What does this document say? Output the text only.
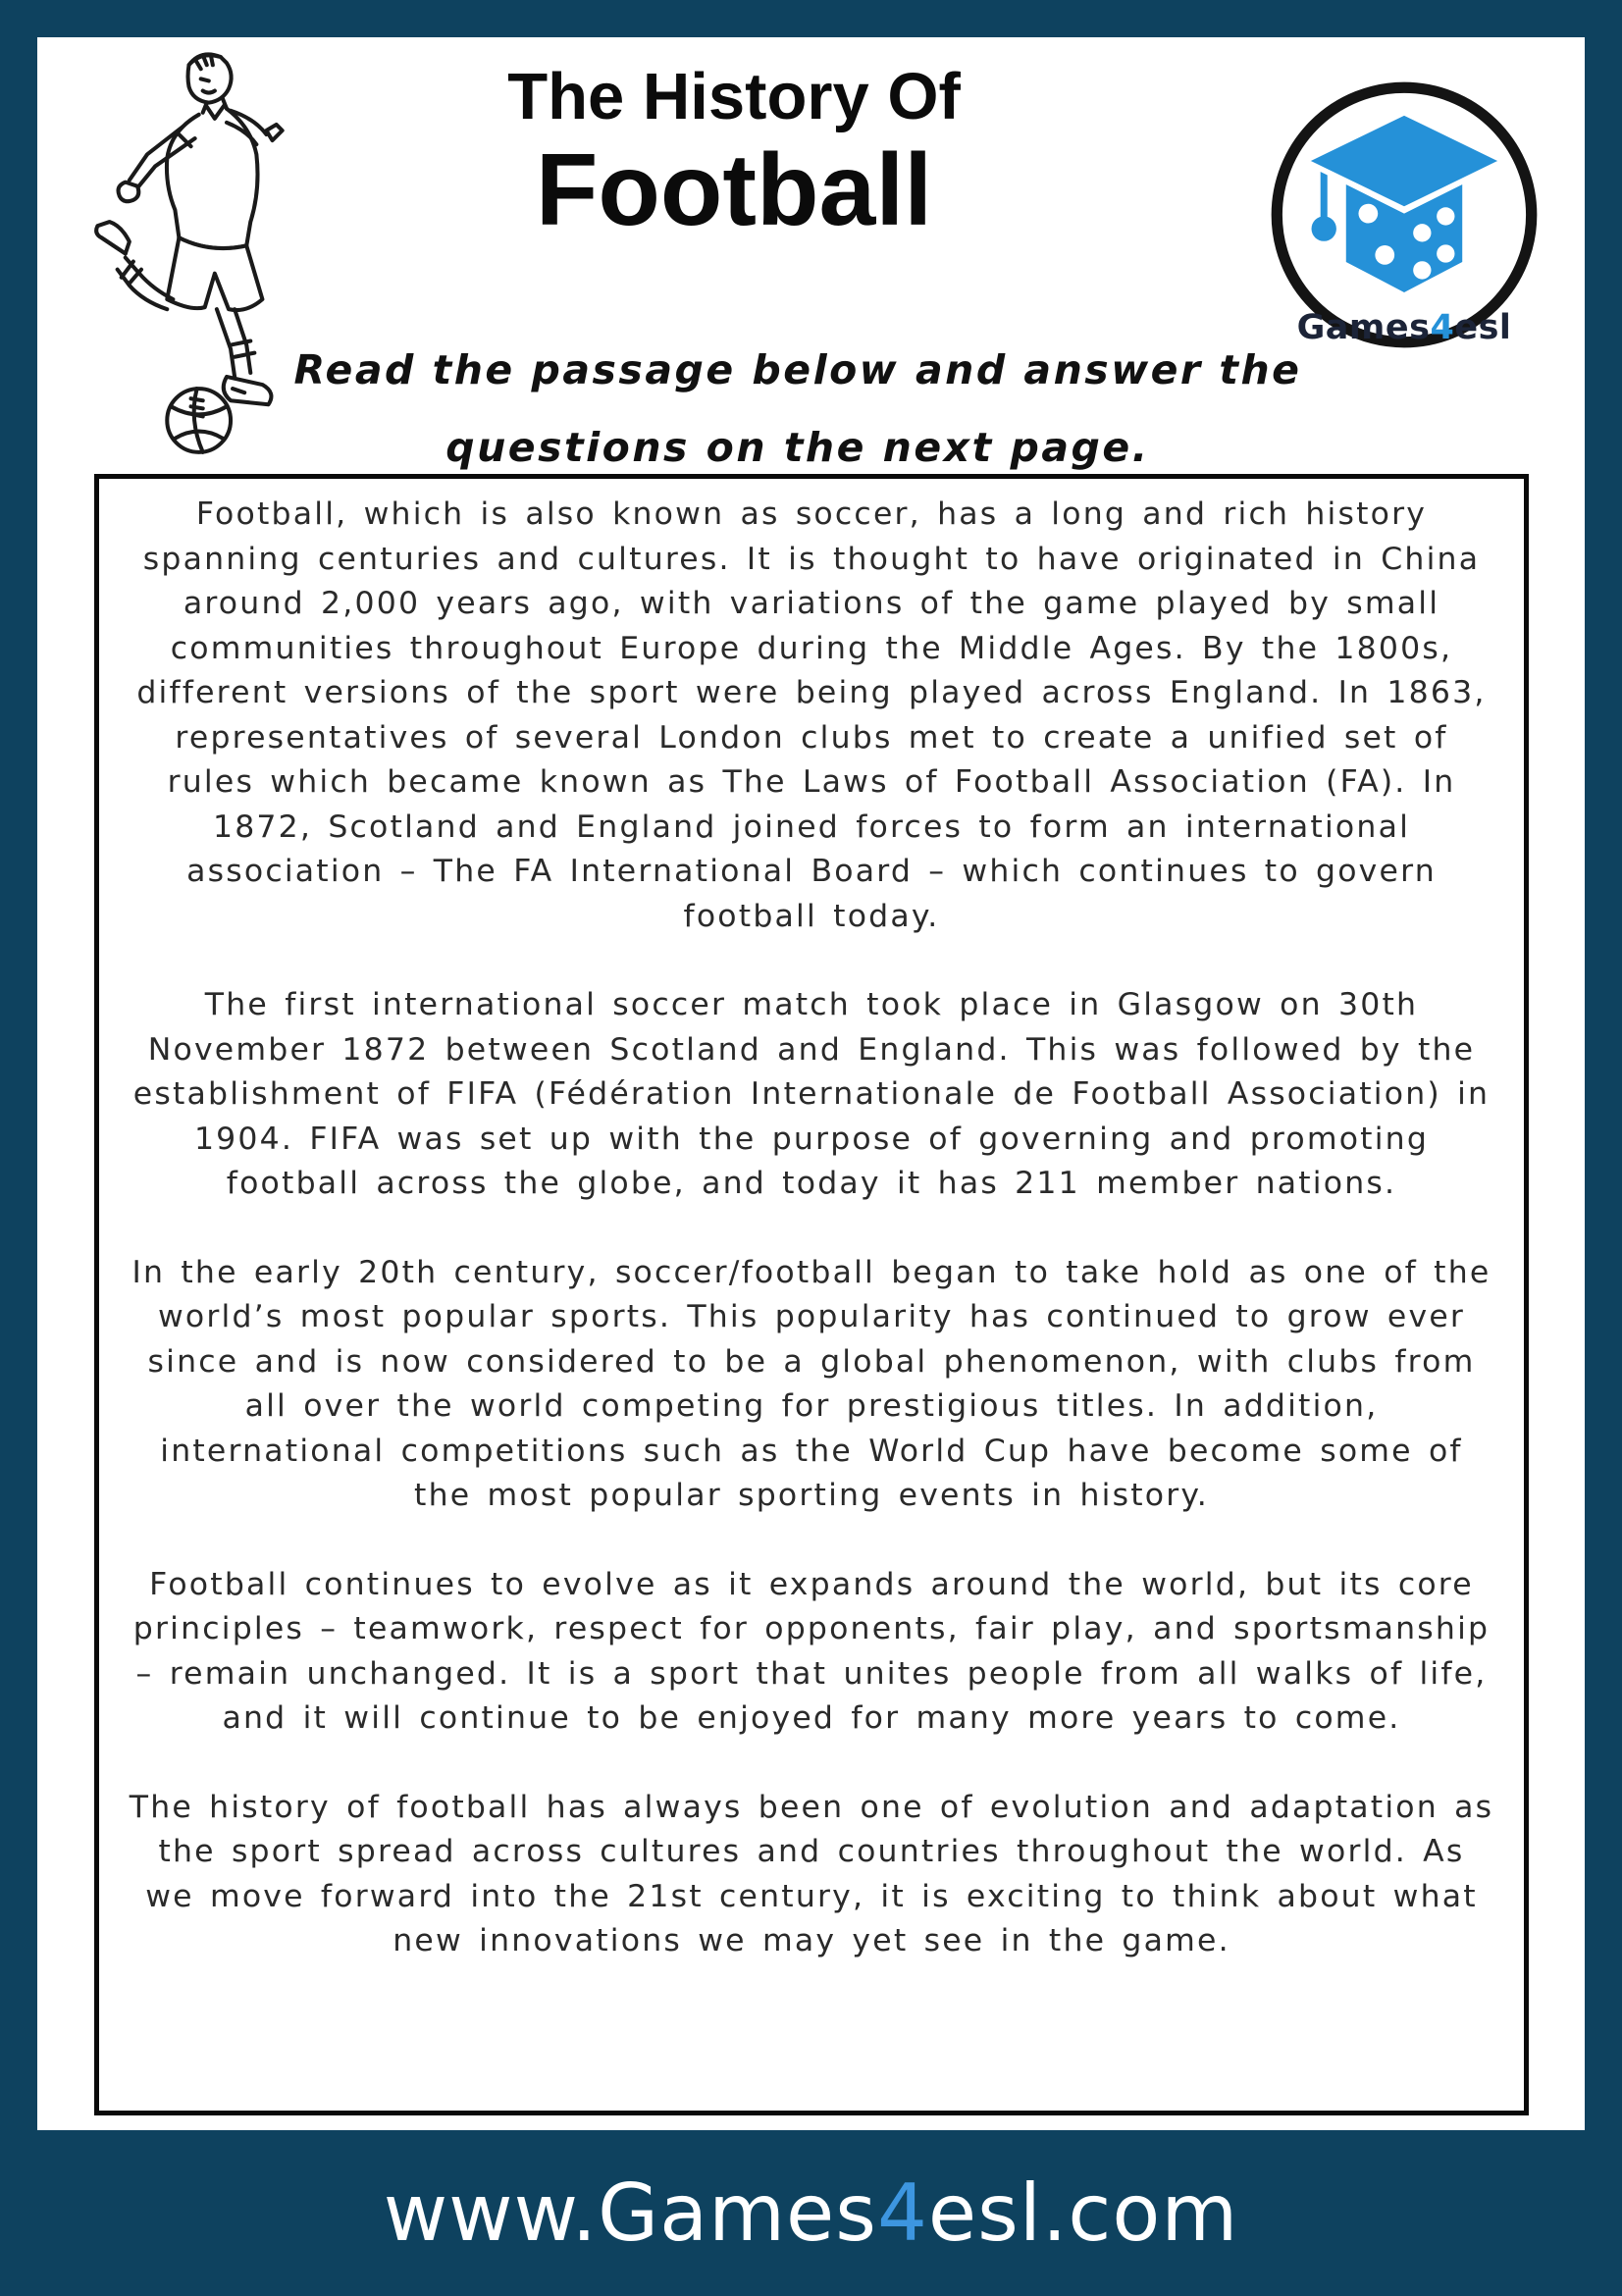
The History Of
Football
Games4esl
Read the passage below and answer the
questions on the next page.

Football, which is also known as soccer, has a long and rich history spanning centuries and cultures. It is thought to have originated in China around 2,000 years ago, with variations of the game played by small communities throughout Europe during the Middle Ages. By the 1800s, different versions of the sport were being played across England. In 1863, representatives of several London clubs met to create a unified set of rules which became known as The Laws of Football Association (FA). In 1872, Scotland and England joined forces to form an international association – The FA International Board – which continues to govern football today.

The first international soccer match took place in Glasgow on 30th November 1872 between Scotland and England. This was followed by the establishment of FIFA (Fédération Internationale de Football Association) in 1904. FIFA was set up with the purpose of governing and promoting football across the globe, and today it has 211 member nations.

In the early 20th century, soccer/football began to take hold as one of the world’s most popular sports. This popularity has continued to grow ever since and is now considered to be a global phenomenon, with clubs from all over the world competing for prestigious titles. In addition, international competitions such as the World Cup have become some of the most popular sporting events in history.

Football continues to evolve as it expands around the world, but its core principles – teamwork, respect for opponents, fair play, and sportsmanship – remain unchanged. It is a sport that unites people from all walks of life, and it will continue to be enjoyed for many more years to come.

The history of football has always been one of evolution and adaptation as the sport spread across cultures and countries throughout the world. As we move forward into the 21st century, it is exciting to think about what new innovations we may yet see in the game.

www.Games 4 esl.com
